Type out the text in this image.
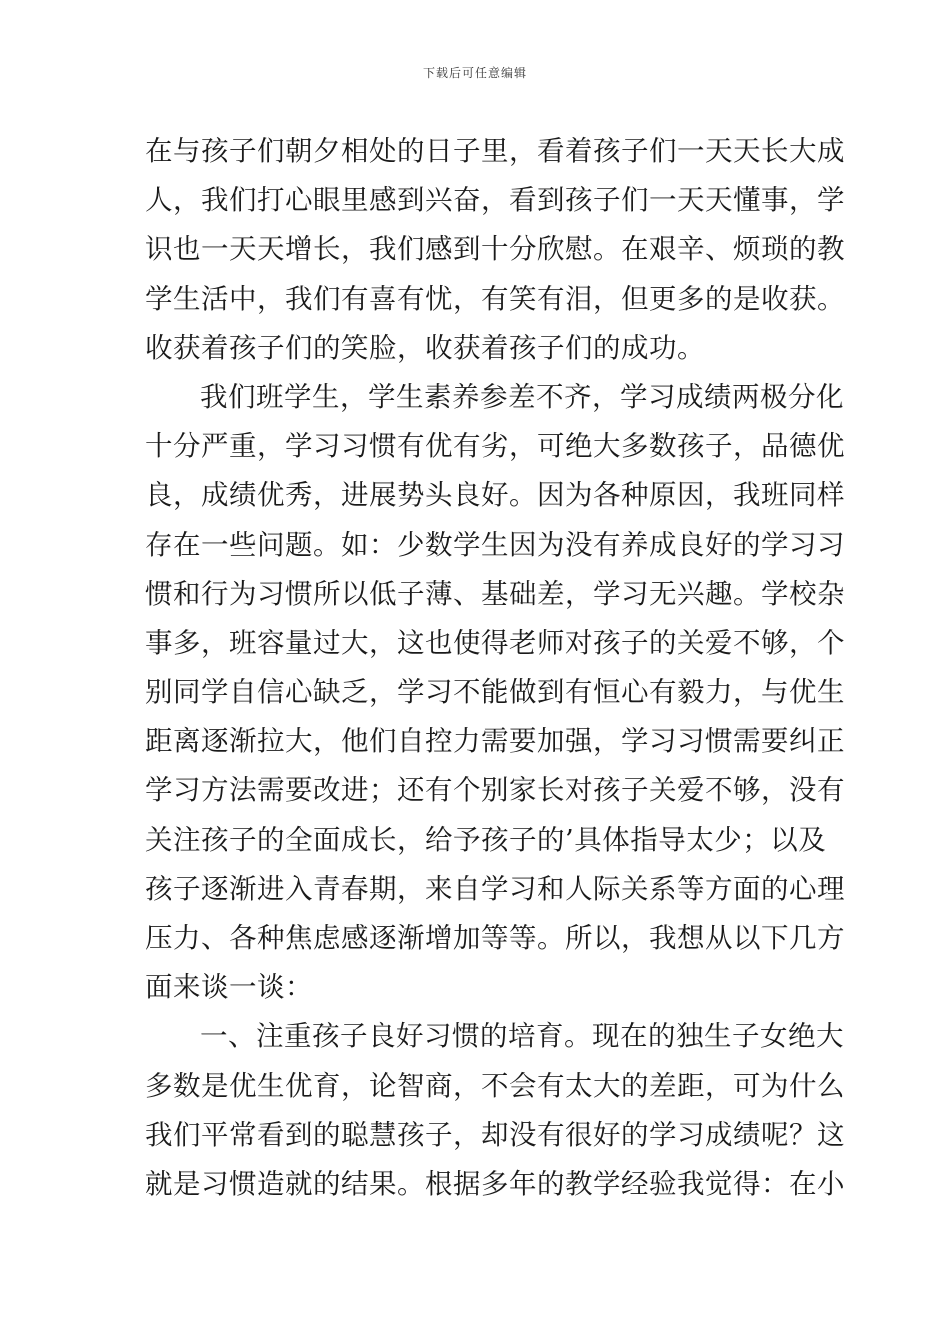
下载后可任意编辑
在与孩子们朝夕相处的日子里，看着孩子们一天天长大成
人，我们打心眼里感到兴奋，看到孩子们一天天懂事，学
识也一天天增长，我们感到十分欣慰。在艰辛、烦琐的教
学生活中，我们有喜有忧，有笑有泪，但更多的是收获。
收获着孩子们的笑脸，收获着孩子们的成功。
我们班学生，学生素养参差不齐，学习成绩两极分化
十分严重，学习习惯有优有劣，可绝大多数孩子，品德优
良，成绩优秀，进展势头良好。因为各种原因，我班同样
存在一些问题。如：少数学生因为没有养成良好的学习习
惯和行为习惯所以低子薄、基础差，学习无兴趣。学校杂
事多，班容量过大，这也使得老师对孩子的关爱不够，个
别同学自信心缺乏，学习不能做到有恒心有毅力，与优生
距离逐渐拉大，他们自控力需要加强，学习习惯需要纠正
学习方法需要改进；还有个别家长对孩子关爱不够，没有
关注孩子的全面成长，给予孩子的’具体指导太少；以及
孩子逐渐进入青春期，来自学习和人际关系等方面的心理
压力、各种焦虑感逐渐增加等等。所以，我想从以下几方
面来谈一谈：
一、注重孩子良好习惯的培育。现在的独生子女绝大
多数是优生优育，论智商，不会有太大的差距，可为什么
我们平常看到的聪慧孩子，却没有很好的学习成绩呢？这
就是习惯造就的结果。根据多年的教学经验我觉得：在小
